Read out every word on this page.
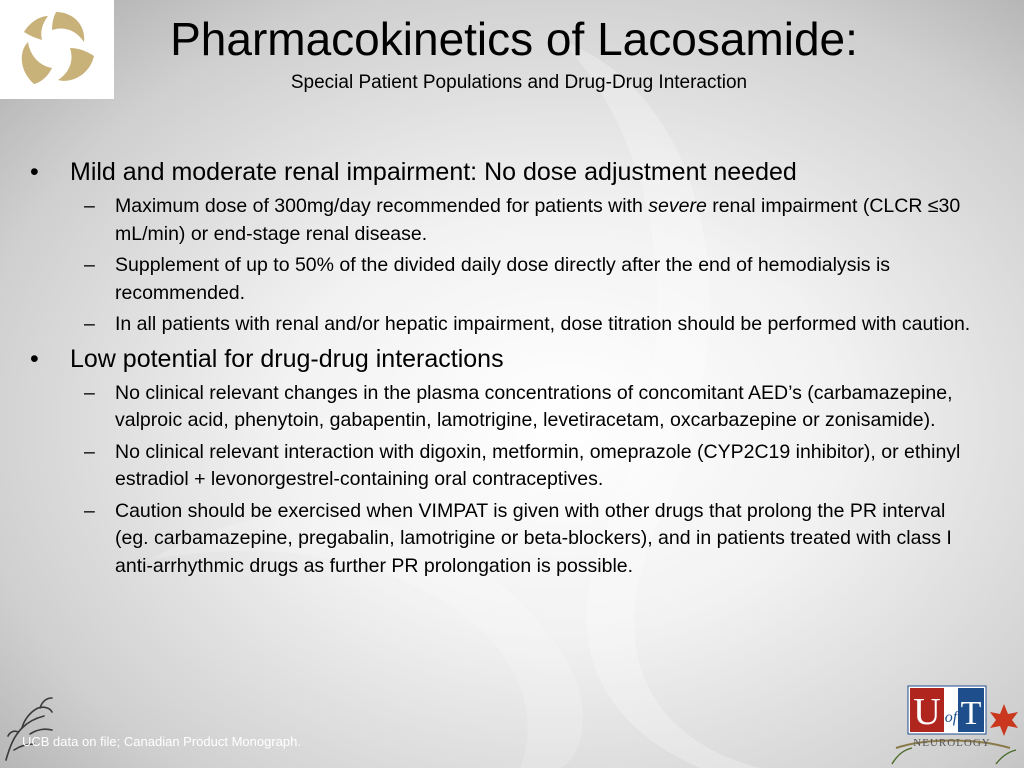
Pharmacokinetics of Lacosamide:
Special Patient Populations and Drug-Drug Interaction
• Mild and moderate renal impairment: No dose adjustment needed
– Maximum dose of 300mg/day recommended for patients with severe renal impairment (CLCR ≤30 mL/min) or end-stage renal disease.
– Supplement of up to 50% of the divided daily dose directly after the end of hemodialysis is recommended.
– In all patients with renal and/or hepatic impairment, dose titration should be performed with caution.
• Low potential for drug-drug interactions
– No clinical relevant changes in the plasma concentrations of concomitant AED’s (carbamazepine, valproic acid, phenytoin, gabapentin, lamotrigine, levetiracetam, oxcarbazepine or zonisamide).
– No clinical relevant interaction with digoxin, metformin, omeprazole (CYP2C19 inhibitor), or ethinyl estradiol + levonorgestrel-containing oral contraceptives.
– Caution should be exercised when VIMPAT is given with other drugs that prolong the PR interval (eg. carbamazepine, pregabalin, lamotrigine or beta-blockers), and in patients treated with class I anti-arrhythmic drugs as further PR prolongation is possible.
UCB data on file; Canadian Product Monograph.
U of T
NEUROLOGY
